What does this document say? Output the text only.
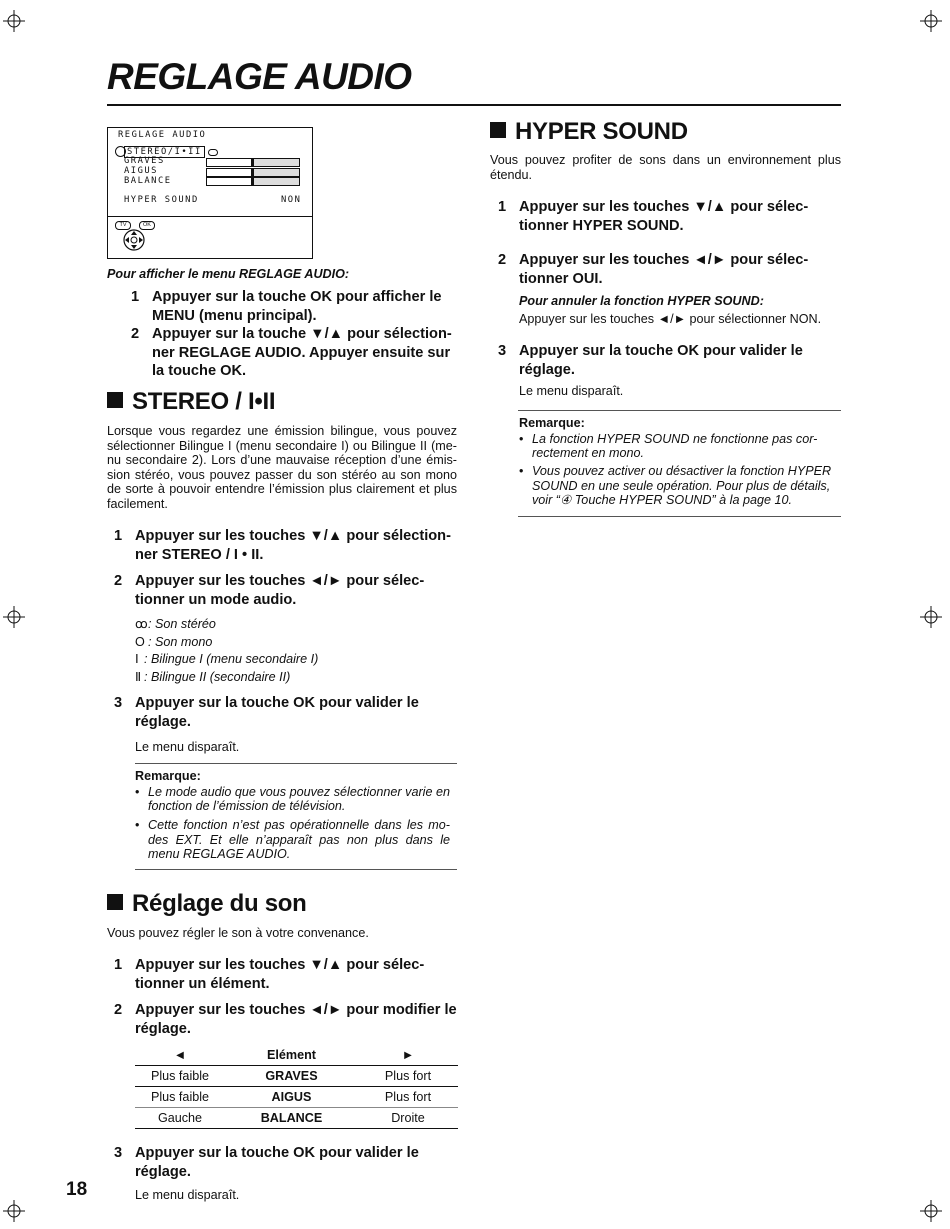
REGLAGE AUDIO
REGLAGE AUDIO
STEREO/I•II
GRAVES
AIGUS
BALANCE
HYPER SOUND	NON
TV	OK
Pour afficher le menu REGLAGE AUDIO:
1 Appuyer sur la touche OK pour afficher le MENU (menu principal).
2 Appuyer sur la touche ▼/▲ pour sélection-ner REGLAGE AUDIO. Appuyer ensuite sur la touche OK.
STEREO / I•II
Lorsque vous regardez une émission bilingue, vous pouvez sélectionner Bilingue I (menu secondaire I) ou Bilingue II (me-nu secondaire 2). Lors d’une mauvaise réception d’une émis-sion stéréo, vous pouvez passer du son stéréo au son mono de sorte à pouvoir entendre l’émission plus clairement et plus facilement.
1 Appuyer sur les touches ▼/▲ pour sélection-ner STEREO / I • II.
2 Appuyer sur les touches ◄/► pour sélec-tionner un mode audio.
ꝏ: Son stéréo
O : Son mono
Ⅰ : Bilingue I (menu secondaire I)
Ⅱ : Bilingue II (secondaire II)
3 Appuyer sur la touche OK pour valider le réglage.
Le menu disparaît.
Remarque:
• Le mode audio que vous pouvez sélectionner varie en fonction de l’émission de télévision.
• Cette fonction n’est pas opérationnelle dans les mo-des EXT. Et elle n’apparaît pas non plus dans le menu REGLAGE AUDIO.
Réglage du son
Vous pouvez régler le son à votre convenance.
1 Appuyer sur les touches ▼/▲ pour sélec-tionner un élément.
2 Appuyer sur les touches ◄/► pour modifier le réglage.
◄	Elément	►
Plus faible	GRAVES	Plus fort
Plus faible	AIGUS	Plus fort
Gauche	BALANCE	Droite
3 Appuyer sur la touche OK pour valider le réglage.
Le menu disparaît.
HYPER SOUND
Vous pouvez profiter de sons dans un environnement plus étendu.
1 Appuyer sur les touches ▼/▲ pour sélec-tionner HYPER SOUND.
2 Appuyer sur les touches ◄/► pour sélec-tionner OUI.
Pour annuler la fonction HYPER SOUND:
Appuyer sur les touches ◄/► pour sélectionner NON.
3 Appuyer sur la touche OK pour valider le réglage.
Le menu disparaît.
Remarque:
• La fonction HYPER SOUND ne fonctionne pas cor-rectement en mono.
• Vous pouvez activer ou désactiver la fonction HYPER SOUND en une seule opération. Pour plus de détails, voir “④ Touche HYPER SOUND” à la page 10.
18
